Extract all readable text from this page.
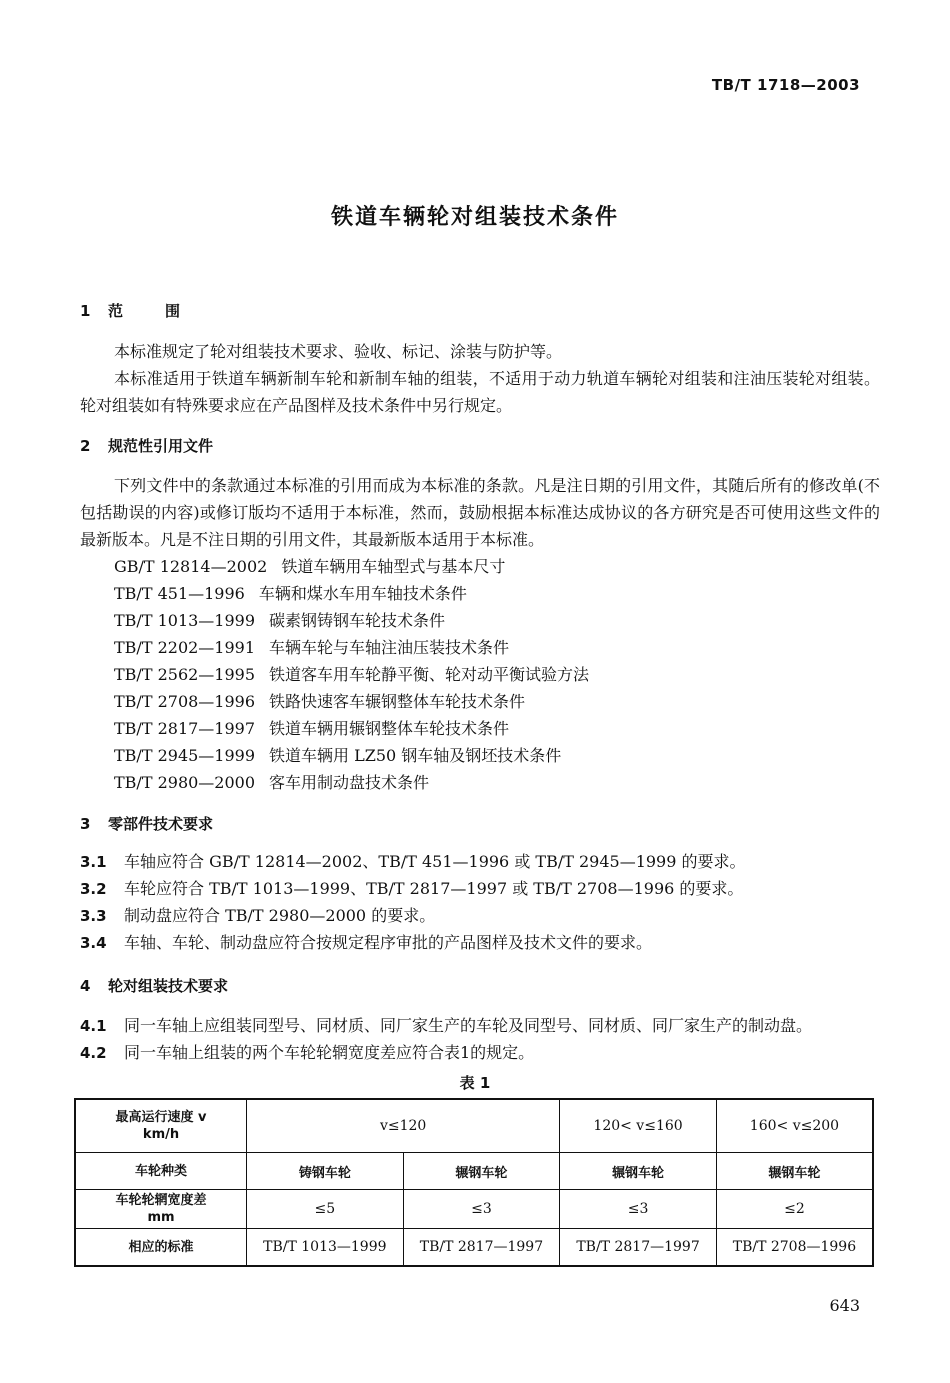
TB/T 1718—2003
铁道车辆轮对组装技术条件
1 范围
本标准规定了轮对组装技术要求、验收、标记、涂装与防护等。
本标准适用于铁道车辆新制车轮和新制车轴的组装，不适用于动力轨道车辆轮对组装和注油压装轮对组装。轮对组装如有特殊要求应在产品图样及技术条件中另行规定。
2 规范性引用文件
下列文件中的条款通过本标准的引用而成为本标准的条款。凡是注日期的引用文件，其随后所有的修改单(不包括勘误的内容)或修订版均不适用于本标准，然而，鼓励根据本标准达成协议的各方研究是否可使用这些文件的最新版本。凡是不注日期的引用文件，其最新版本适用于本标准。
GB/T 12814—2002 铁道车辆用车轴型式与基本尺寸
TB/T 451—1996 车辆和煤水车用车轴技术条件
TB/T 1013—1999 碳素钢铸钢车轮技术条件
TB/T 2202—1991 车辆车轮与车轴注油压装技术条件
TB/T 2562—1995 铁道客车用车轮静平衡、轮对动平衡试验方法
TB/T 2708—1996 铁路快速客车辗钢整体车轮技术条件
TB/T 2817—1997 铁道车辆用辗钢整体车轮技术条件
TB/T 2945—1999 铁道车辆用 LZ50 钢车轴及钢坯技术条件
TB/T 2980—2000 客车用制动盘技术条件
3 零部件技术要求
3.1 车轴应符合 GB/T 12814—2002、TB/T 451—1996 或 TB/T 2945—1999 的要求。
3.2 车轮应符合 TB/T 1013—1999、TB/T 2817—1997 或 TB/T 2708—1996 的要求。
3.3 制动盘应符合 TB/T 2980—2000 的要求。
3.4 车轴、车轮、制动盘应符合按规定程序审批的产品图样及技术文件的要求。
4 轮对组装技术要求
4.1 同一车轴上应组装同型号、同材质、同厂家生产的车轮及同型号、同材质、同厂家生产的制动盘。
4.2 同一车轴上组装的两个车轮轮辋宽度差应符合表1的规定。
表 1
最高运行速度 v
km/h	v≤120		120< v≤160	160< v≤200
车轮种类	铸钢车轮	辗钢车轮	辗钢车轮	辗钢车轮
车轮轮辋宽度差
mm	≤5	≤3	≤3	≤2
相应的标准	TB/T 1013—1999	TB/T 2817—1997	TB/T 2817—1997	TB/T 2708—1996
643
